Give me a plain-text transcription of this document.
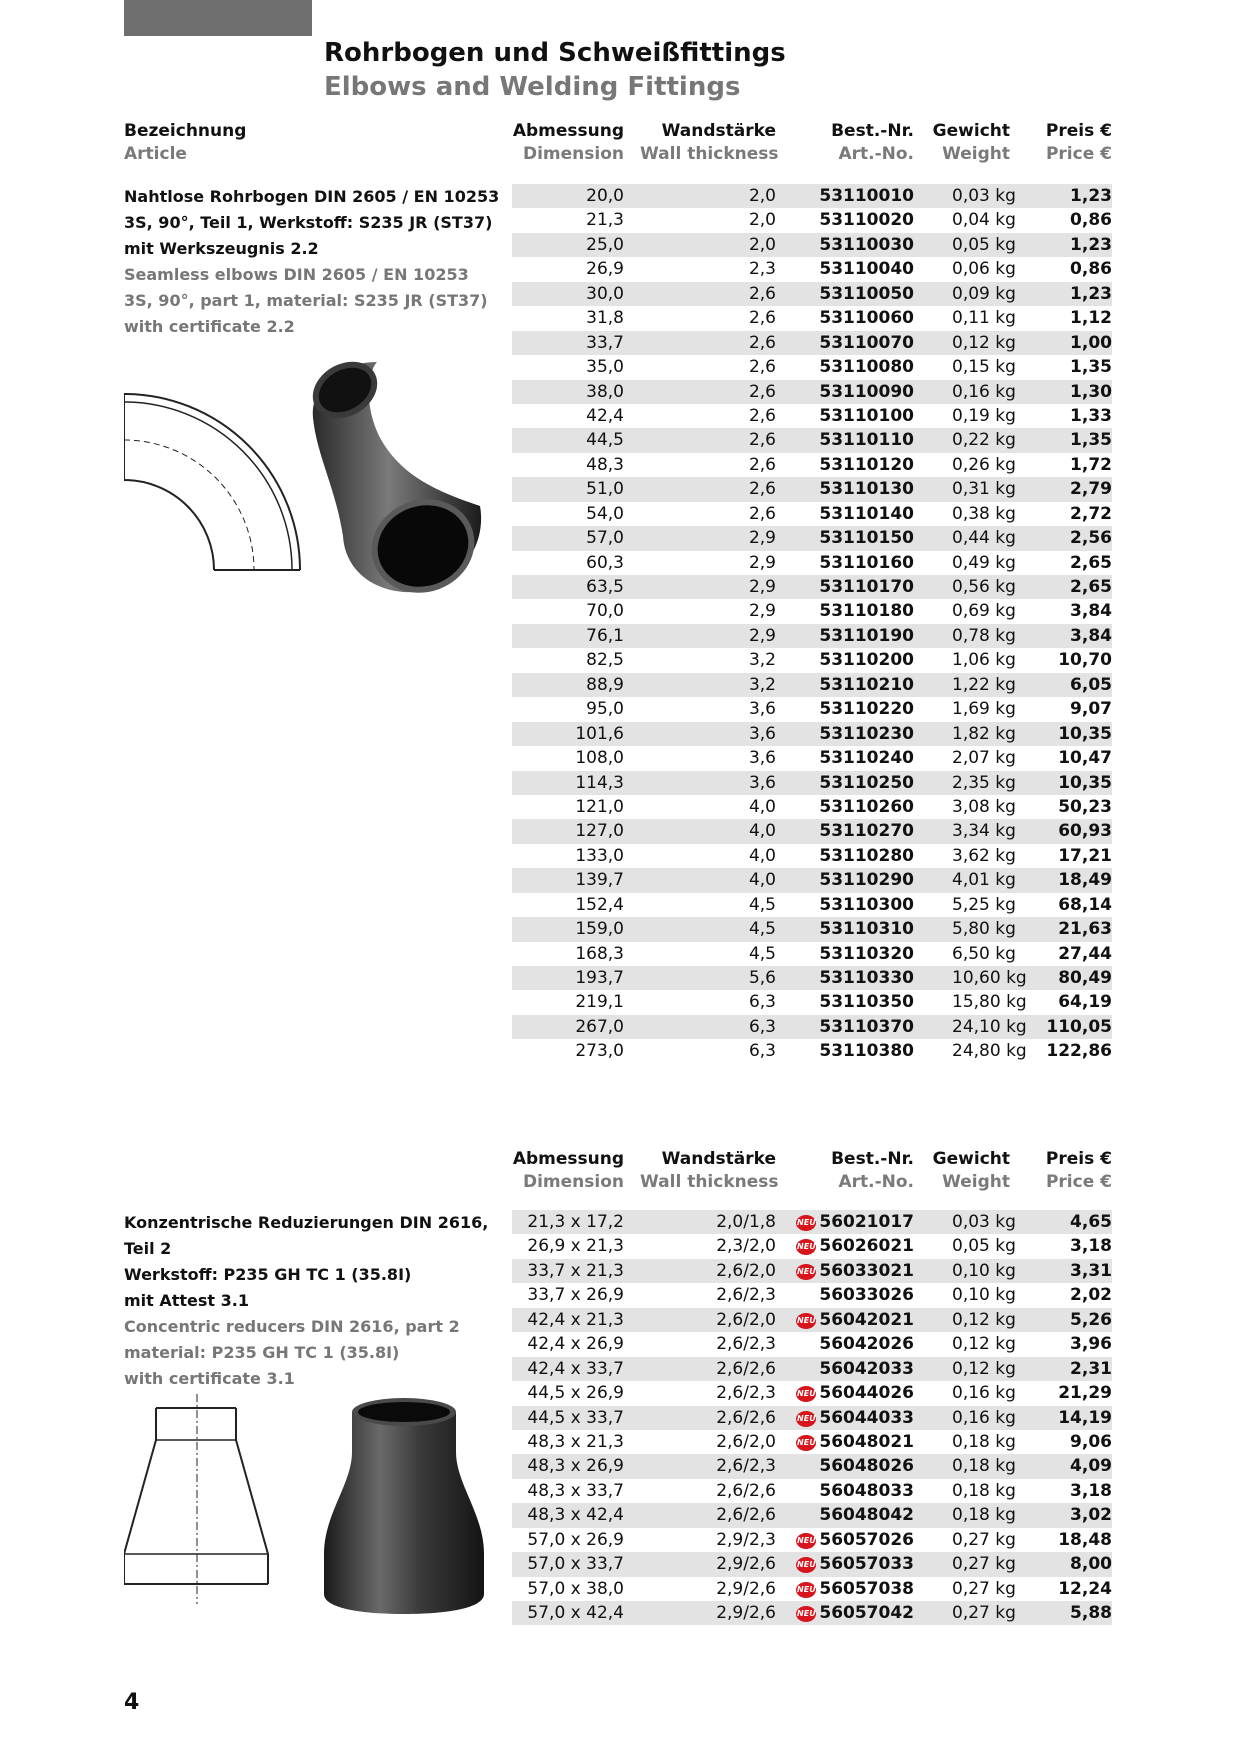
Rohrbogen und Schweißfittings
Elbows and Welding Fittings
Bezeichnung
Article
Abmessung
Dimension
Wandstärke
Wall thickness
Best.-Nr.
Art.-No.
Gewicht
Weight
Preis €
Price €
Nahtlose Rohrbogen DIN 2605 / EN 10253
3S, 90°, Teil 1, Werkstoff: S235 JR (ST37)
mit Werkszeugnis 2.2
Seamless elbows DIN 2605 / EN 10253
3S, 90°, part 1, material: S235 JR (ST37)
with certificate 2.2
20,0	2,0	53110010 0,03 kg	1,23
21,3	2,0	53110020 0,04 kg	0,86
25,0	2,0	53110030 0,05 kg	1,23
26,9	2,3	53110040 0,06 kg	0,86
30,0	2,6	53110050 0,09 kg	1,23
31,8	2,6	53110060 0,11 kg	1,12
33,7	2,6	53110070 0,12 kg	1,00
35,0	2,6	53110080 0,15 kg	1,35
38,0	2,6	53110090 0,16 kg	1,30
42,4	2,6	53110100 0,19 kg	1,33
44,5	2,6	53110110 0,22 kg	1,35
48,3	2,6	53110120 0,26 kg	1,72
51,0	2,6	53110130 0,31 kg	2,79
54,0	2,6	53110140 0,38 kg	2,72
57,0	2,9	53110150 0,44 kg	2,56
60,3	2,9	53110160 0,49 kg	2,65
63,5	2,9	53110170 0,56 kg	2,65
70,0	2,9	53110180 0,69 kg	3,84
76,1	2,9	53110190 0,78 kg	3,84
82,5	3,2	53110200 1,06 kg	10,70
88,9	3,2	53110210 1,22 kg	6,05
95,0	3,6	53110220 1,69 kg	9,07
101,6	3,6	53110230 1,82 kg	10,35
108,0	3,6	53110240 2,07 kg	10,47
114,3	3,6	53110250 2,35 kg	10,35
121,0	4,0	53110260 3,08 kg	50,23
127,0	4,0	53110270 3,34 kg	60,93
133,0	4,0	53110280 3,62 kg	17,21
139,7	4,0	53110290 4,01 kg	18,49
152,4	4,5	53110300 5,25 kg	68,14
159,0	4,5	53110310 5,80 kg	21,63
168,3	4,5	53110320 6,50 kg	27,44
193,7	5,6	53110330 10,60 kg	80,49
219,1	6,3	53110350 15,80 kg	64,19
267,0	6,3	53110370 24,10 kg	110,05
273,0	6,3	53110380 24,80 kg	122,86
Abmessung
Dimension
Wandstärke
Wall thickness
Best.-Nr.
Art.-No.
Gewicht
Weight
Preis €
Price €
Konzentrische Reduzierungen DIN 2616, Teil 2
Werkstoff: P235 GH TC 1 (35.8I)
mit Attest 3.1
Concentric reducers DIN 2616, part 2
material: P235 GH TC 1 (35.8I)
with certificate 3.1
21,3 x 17,2	2,0/1,8	NEU 56021017 0,03 kg	4,65
26,9 x 21,3	2,3/2,0	NEU 56026021 0,05 kg	3,18
33,7 x 21,3	2,6/2,0	NEU 56033021 0,10 kg	3,31
33,7 x 26,9	2,6/2,3	56033026 0,10 kg	2,02
42,4 x 21,3	2,6/2,0	NEU 56042021 0,12 kg	5,26
42,4 x 26,9	2,6/2,3	56042026 0,12 kg	3,96
42,4 x 33,7	2,6/2,6	56042033 0,12 kg	2,31
44,5 x 26,9	2,6/2,3	NEU 56044026 0,16 kg	21,29
44,5 x 33,7	2,6/2,6	NEU 56044033 0,16 kg	14,19
48,3 x 21,3	2,6/2,0	NEU 56048021 0,18 kg	9,06
48,3 x 26,9	2,6/2,3	56048026 0,18 kg	4,09
48,3 x 33,7	2,6/2,6	56048033 0,18 kg	3,18
48,3 x 42,4	2,6/2,6	56048042 0,18 kg	3,02
57,0 x 26,9	2,9/2,3	NEU 56057026 0,27 kg	18,48
57,0 x 33,7	2,9/2,6	NEU 56057033 0,27 kg	8,00
57,0 x 38,0	2,9/2,6	NEU 56057038 0,27 kg	12,24
57,0 x 42,4	2,9/2,6	NEU 56057042 0,27 kg	5,88
4
